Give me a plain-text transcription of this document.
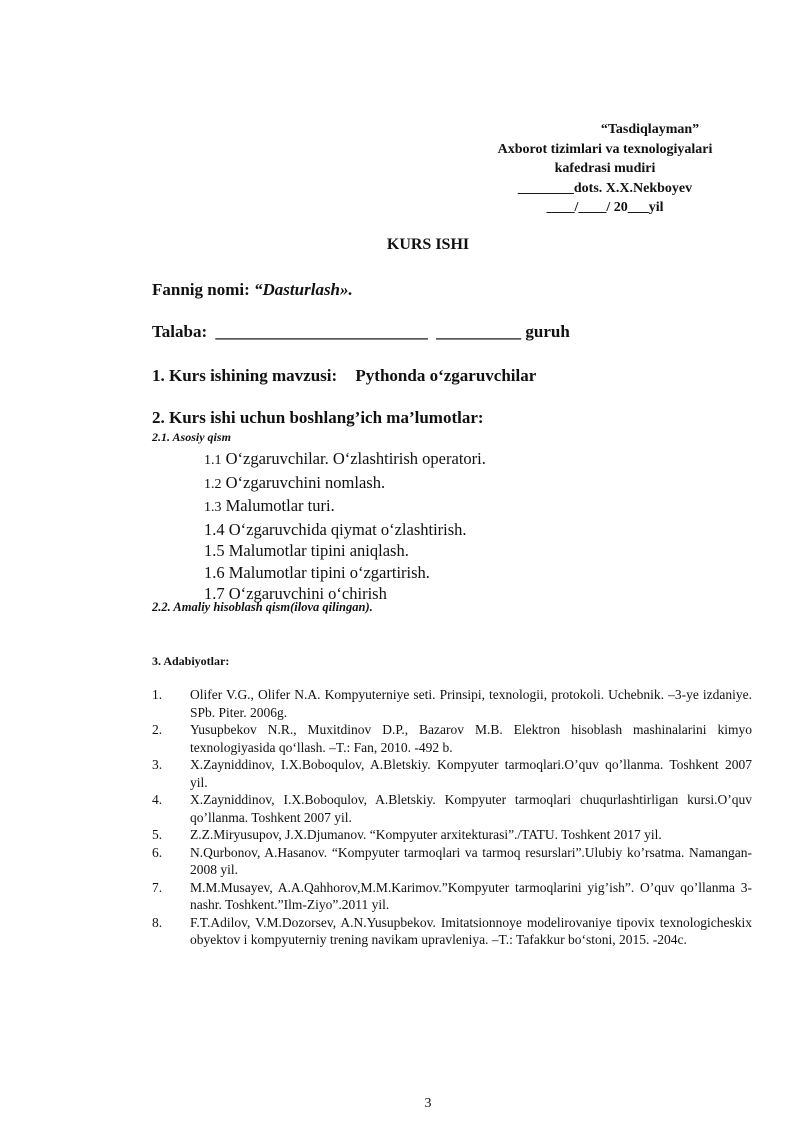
“Tasdiqlayman”
Axborot tizimlari va texnologiyalari
kafedrasi mudiri
________dots. X.X.Nekboyev
____/____/ 20___yil
KURS ISHI
Fannig nomi: “Dasturlash».
Talaba: _________________________ __________ guruh
1. Kurs ishining mavzusi: Pythonda o‘zgaruvchilar
2. Kurs ishi uchun boshlang’ich ma’lumotlar:
2.1. Asosiy qism
1.1 O‘zgaruvchilar. O‘zlashtirish operatori.
1.2 O‘zgaruvchini nomlash.
1.3 Malumotlar turi.
1.4 O‘zgaruvchida qiymat o‘zlashtirish.
1.5 Malumotlar tipini aniqlash.
1.6 Malumotlar tipini o‘zgartirish.
1.7 O‘zgaruvchini o‘chirish
2.2. Amaliy hisoblash qism(ilova qilingan).
3. Adabiyotlar:
1.	Olifer V.G., Olifer N.A. Kompyuterniye seti. Prinsipi, texnologii, protokoli. Uchebnik. –3-ye izdaniye. SPb. Piter. 2006g.
2.	Yusupbekov N.R., Muxitdinov D.P., Bazarov M.B. Elektron hisoblash mashinalarini kimyo texnologiyasida qo‘llash. –T.: Fan, 2010. -492 b.
3.	X.Zayniddinov, I.X.Boboqulov, A.Bletskiy. Kompyuter tarmoqlari.O’quv qo’llanma. Toshkent 2007 yil.
4.	X.Zayniddinov, I.X.Boboqulov, A.Bletskiy. Kompyuter tarmoqlari chuqurlashtirligan kursi.O’quv qo’llanma. Toshkent 2007 yil.
5.	Z.Z.Miryusupov, J.X.Djumanov. “Kompyuter arxitekturasi”./TATU. Toshkent 2017 yil.
6.	N.Qurbonov, A.Hasanov. “Kompyuter tarmoqlari va tarmoq resurslari”.Ulubiy ko’rsatma. Namangan-2008 yil.
7.	M.M.Musayev, A.A.Qahhorov,M.M.Karimov.”Kompyuter tarmoqlarini yig’ish”. O’quv qo’llanma 3-nashr. Toshkent.”Ilm-Ziyo”.2011 yil.
8.	F.T.Adilov, V.M.Dozorsev, A.N.Yusupbekov. Imitatsionnoye modelirovaniye tipovix texnologicheskix obyektov i kompyuterniy trening navikam upravleniya. –T.: Tafakkur bo‘stoni, 2015. -204c.
3
